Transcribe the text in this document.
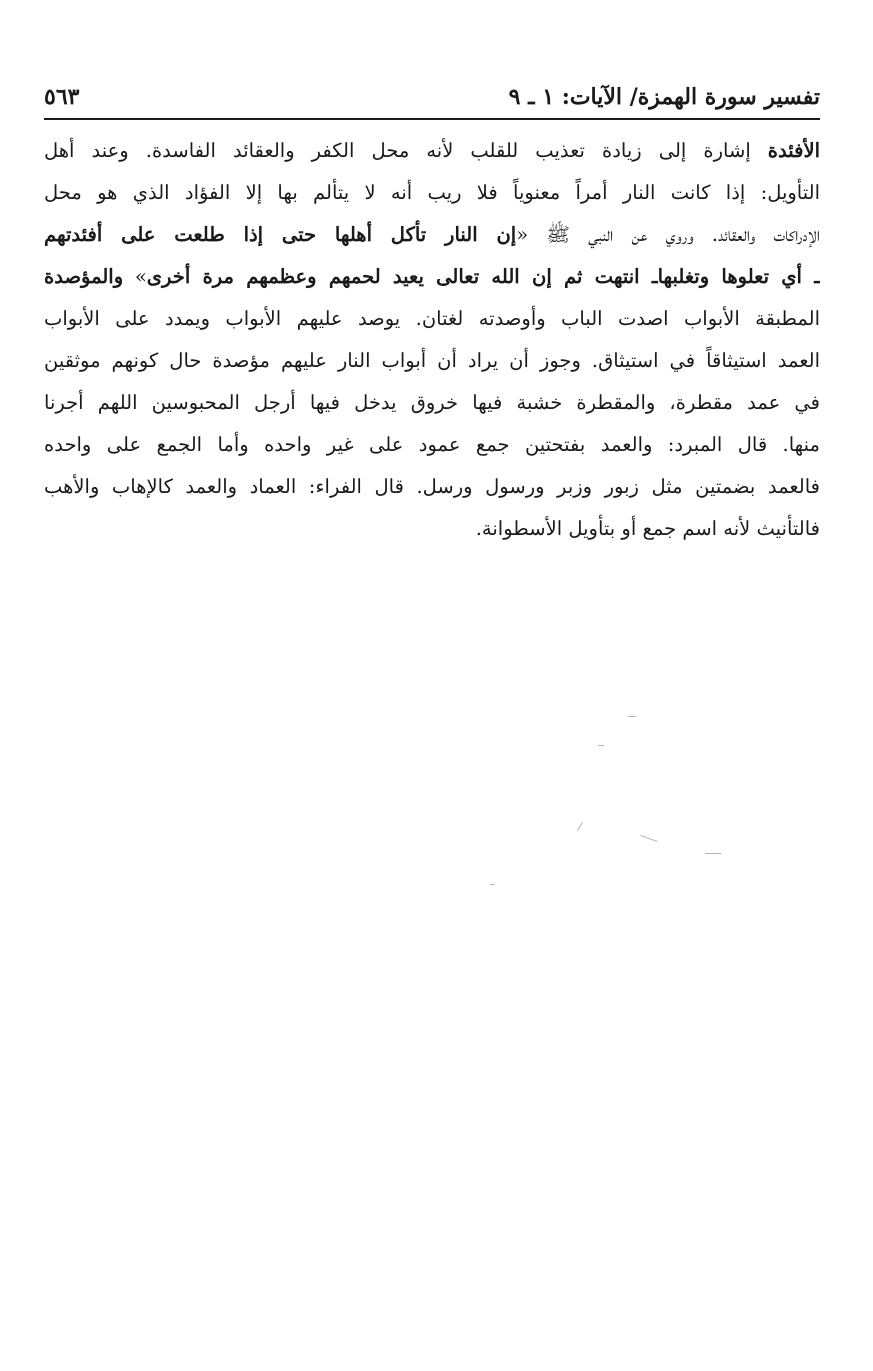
تفسير سورة الهمزة/ الآيات: ١ ـ ٩
٥٦٣
الأفئدة إشارة إلى زيادة تعذيب للقلب لأنه محل الكفر والعقائد الفاسدة. وعند أهل
التأويل: إذا كانت النار أمراً معنوياً فلا ريب أنه لا يتألم بها إلا الفؤاد الذي هو محل
الإدراكات والعقائد. وروي عن النبي ﷺ «إن النار تأكل أهلها حتى إذا طلعت على أفئدتهم
ـ أي تعلوها وتغلبهاـ انتهت ثم إن الله تعالى يعيد لحمهم وعظمهم مرة أخرى» والمؤصدة
المطبقة الأبواب اصدت الباب وأوصدته لغتان. يوصد عليهم الأبواب ويمدد على الأبواب
العمد استيثاقاً في استيثاق. وجوز أن يراد أن أبواب النار عليهم مؤصدة حال كونهم موثقين
في عمد مقطرة، والمقطرة خشبة فيها خروق يدخل فيها أرجل المحبوسين اللهم أجرنا
منها. قال المبرد: والعمد بفتحتين جمع عمود على غير واحده وأما الجمع على واحده
فالعمد بضمتين مثل زبور وزبر ورسول ورسل. قال الفراء: العماد والعمد كالإهاب والأهب
فالتأنيث لأنه اسم جمع أو بتأويل الأسطوانة.
